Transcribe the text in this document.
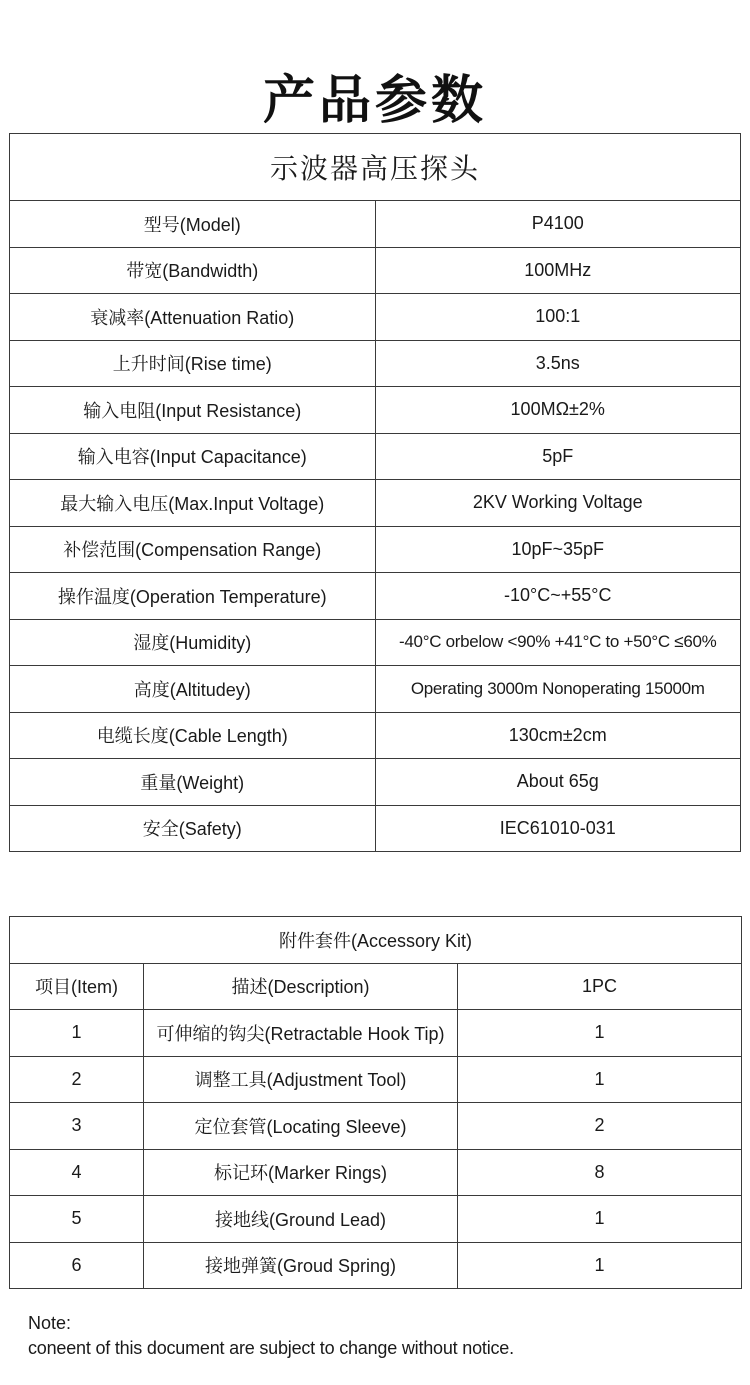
产品参数
示波器高压探头	
型号(Model)	P4100
带宽(Bandwidth)	100MHz
衰减率(Attenuation Ratio)	100:1
上升时间(Rise time)	3.5ns
输入电阻(Input Resistance)	100MΩ±2%
输入电容(Input Capacitance)	5pF
最大输入电压(Max.Input Voltage)	2KV Working Voltage
补偿范围(Compensation Range)	10pF~35pF
操作温度(Operation Temperature)	-10°C~+55°C
湿度(Humidity)	-40°C orbelow <90% +41°C to +50°C ≤60%
高度(Altitudey)	Operating 3000m Nonoperating 15000m
电缆长度(Cable Length)	130cm±2cm
重量(Weight)	About 65g
安全(Safety)	IEC61010-031
附件套件(Accessory Kit)		
项目(Item)	描述(Description)	1PC
1	可伸缩的钩尖(Retractable Hook Tip)	1
2	调整工具(Adjustment Tool)	1
3	定位套管(Locating Sleeve)	2
4	标记环(Marker Rings)	8
5	接地线(Ground Lead)	1
6	接地弹簧(Groud Spring)	1
Note:
coneent of this document are subject to change without notice.
